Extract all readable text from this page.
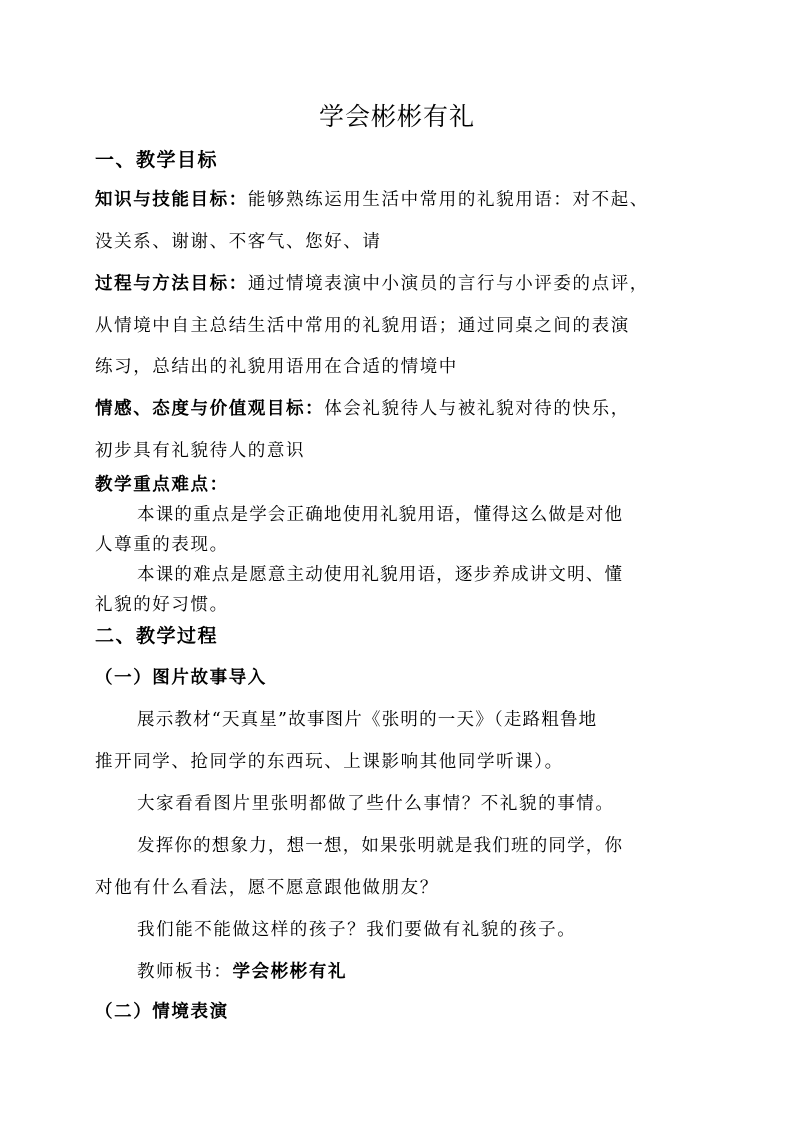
学会彬彬有礼
一、教学目标
知识与技能目标：能够熟练运用生活中常用的礼貌用语：对不起、
没关系、谢谢、不客气、您好、请
过程与方法目标：通过情境表演中小演员的言行与小评委的点评，
从情境中自主总结生活中常用的礼貌用语；通过同桌之间的表演
练习，总结出的礼貌用语用在合适的情境中
情感、态度与价值观目标：体会礼貌待人与被礼貌对待的快乐，
初步具有礼貌待人的意识
教学重点难点：
本课的重点是学会正确地使用礼貌用语，懂得这么做是对他
人尊重的表现。
本课的难点是愿意主动使用礼貌用语，逐步养成讲文明、懂
礼貌的好习惯。
二、教学过程
（一）图片故事导入
展示教材“天真星”故事图片《张明的一天》（走路粗鲁地
推开同学、抢同学的东西玩、上课影响其他同学听课）。
大家看看图片里张明都做了些什么事情？不礼貌的事情。
发挥你的想象力，想一想，如果张明就是我们班的同学，你
对他有什么看法，愿不愿意跟他做朋友？
我们能不能做这样的孩子？我们要做有礼貌的孩子。
教师板书：学会彬彬有礼
（二）情境表演
